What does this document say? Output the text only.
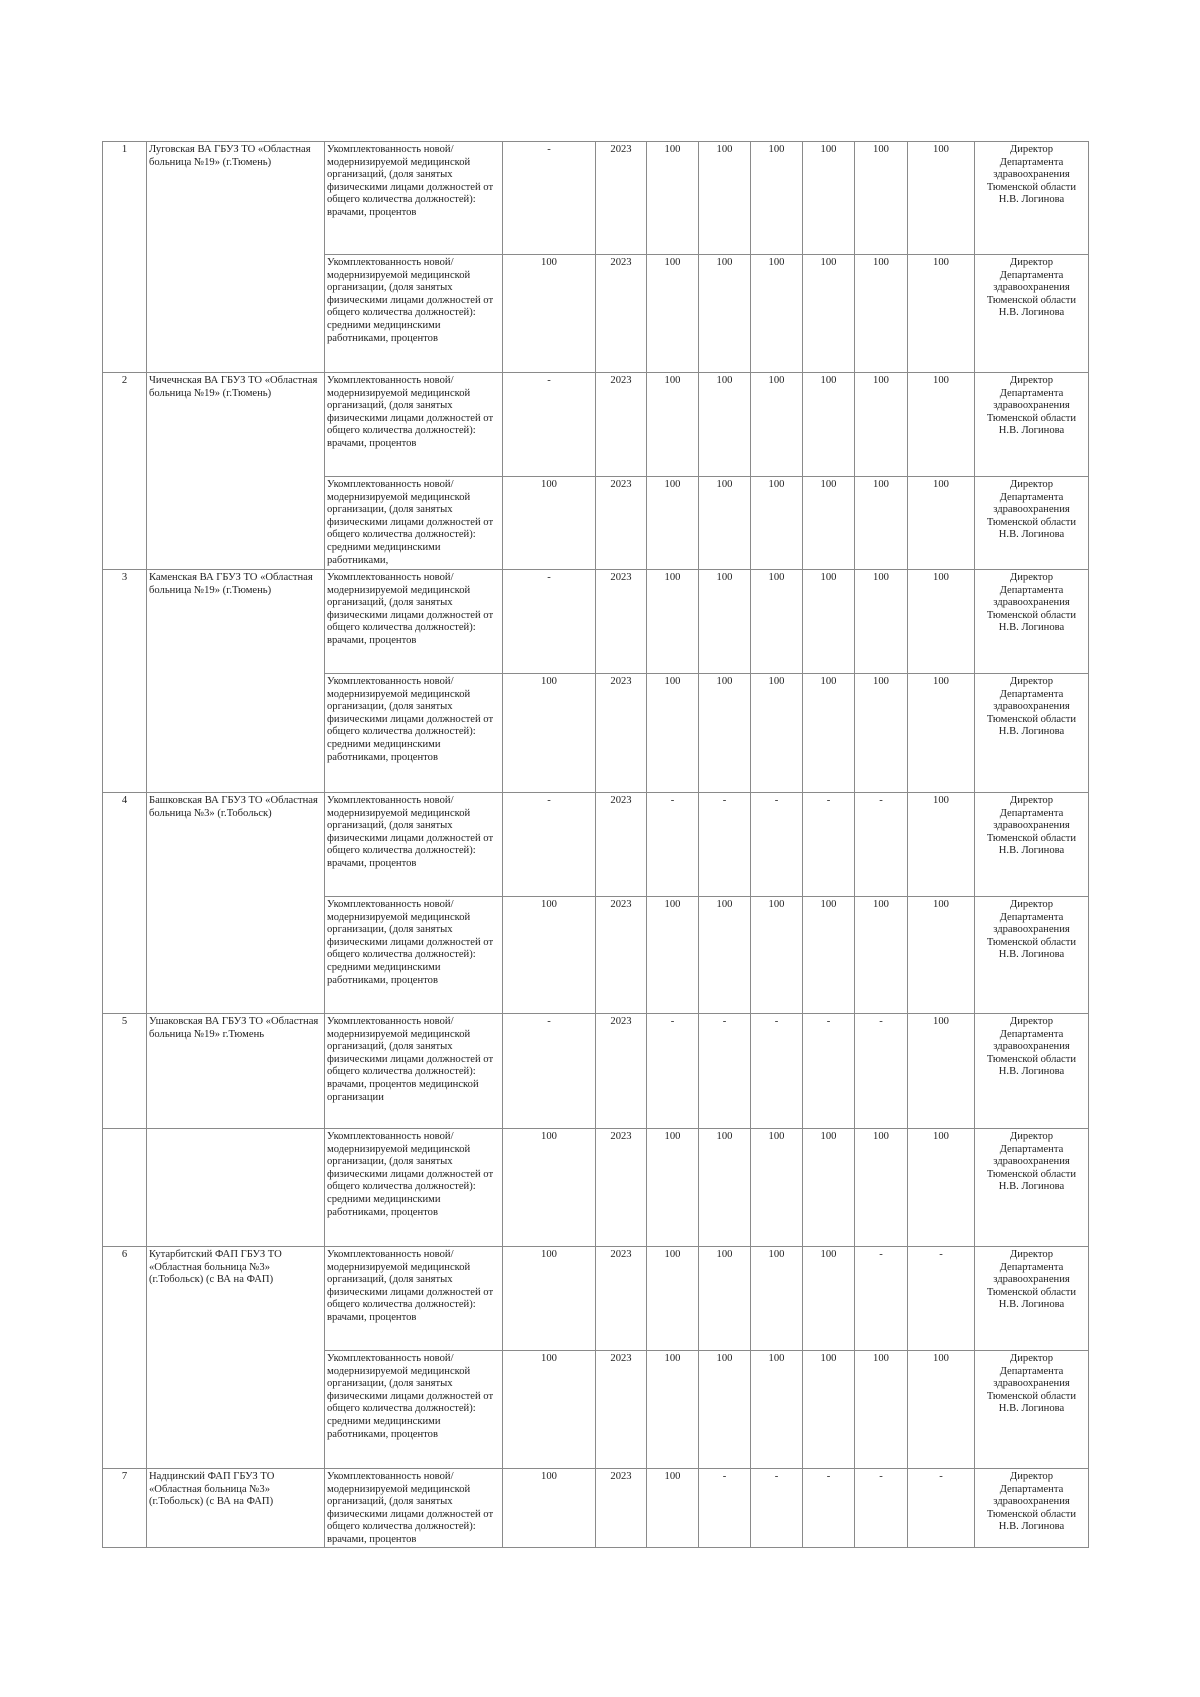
1	Луговская ВА ГБУЗ ТО «Областная больница №19» (г.Тюмень)	Укомплектованность новой/модернизируемой медицинской организаций, (доля занятых физическими лицами должностей от общего количества должностей): врачами, процентов	-	2023	100	100	100	100	100	100	Директор Департамента здравоохранения Тюменской области Н.В. Логинова
		Укомплектованность новой/модернизируемой медицинской организации, (доля занятых физическими лицами должностей от общего количества должностей): средними медицинскими работниками, процентов	100	2023	100	100	100	100	100	100	Директор Департамента здравоохранения Тюменской области Н.В. Логинова
2	Чичечнская ВА ГБУЗ ТО «Областная больница №19» (г.Тюмень)	Укомплектованность новой/модернизируемой медицинской организаций, (доля занятых физическими лицами должностей от общего количества должностей): врачами, процентов	-	2023	100	100	100	100	100	100	Директор Департамента здравоохранения Тюменской области Н.В. Логинова
		Укомплектованность новой/модернизируемой медицинской организации, (доля занятых физическими лицами должностей от общего количества должностей): средними медицинскими работниками,	100	2023	100	100	100	100	100	100	Директор Департамента здравоохранения Тюменской области Н.В. Логинова
3	Каменская ВА ГБУЗ ТО «Областная больница №19» (г.Тюмень)	Укомплектованность новой/модернизируемой медицинской организаций, (доля занятых физическими лицами должностей от общего количества должностей): врачами, процентов	-	2023	100	100	100	100	100	100	Директор Департамента здравоохранения Тюменской области Н.В. Логинова
		Укомплектованность новой/модернизируемой медицинской организации, (доля занятых физическими лицами должностей от общего количества должностей): средними медицинскими работниками, процентов	100	2023	100	100	100	100	100	100	Директор Департамента здравоохранения Тюменской области Н.В. Логинова
4	Башковская ВА ГБУЗ ТО «Областная больница №3» (г.Тобольск)	Укомплектованность новой/модернизируемой медицинской организаций, (доля занятых физическими лицами должностей от общего количества должностей): врачами, процентов	-	2023	-	-	-	-	-	100	Директор Департамента здравоохранения Тюменской области Н.В. Логинова
		Укомплектованность новой/модернизируемой медицинской организации, (доля занятых физическими лицами должностей от общего количества должностей): средними медицинскими работниками, процентов	100	2023	100	100	100	100	100	100	Директор Департамента здравоохранения Тюменской области Н.В. Логинова
5	Ушаковская ВА ГБУЗ ТО «Областная больница №19» г.Тюмень	Укомплектованность новой/модернизируемой медицинской организаций, (доля занятых физическими лицами должностей от общего количества должностей): врачами, процентов медицинской организации	-	2023	-	-	-	-	-	100	Директор Департамента здравоохранения Тюменской области Н.В. Логинова
		Укомплектованность новой/модернизируемой медицинской организации, (доля занятых физическими лицами должностей от общего количества должностей): средними медицинскими работниками, процентов	100	2023	100	100	100	100	100	100	Директор Департамента здравоохранения Тюменской области Н.В. Логинова
6	Кутарбитский ФАП ГБУЗ ТО «Областная больница №3» (г.Тобольск) (с ВА на ФАП)	Укомплектованность новой/модернизируемой медицинской организаций, (доля занятых физическими лицами должностей от общего количества должностей): врачами, процентов	100	2023	100	100	100	100	-	-	Директор Департамента здравоохранения Тюменской области Н.В. Логинова
		Укомплектованность новой/модернизируемой медицинской организации, (доля занятых физическими лицами должностей от общего количества должностей): средними медицинскими работниками, процентов	100	2023	100	100	100	100	100	100	Директор Департамента здравоохранения Тюменской области Н.В. Логинова
7	Надцинский ФАП ГБУЗ ТО «Областная больница №3» (г.Тобольск) (с ВА на ФАП)	Укомплектованность новой/модернизируемой медицинской организаций, (доля занятых физическими лицами должностей от общего количества должностей): врачами, процентов	100	2023	100	-	-	-	-	-	Директор Департамента здравоохранения Тюменской области Н.В. Логинова
